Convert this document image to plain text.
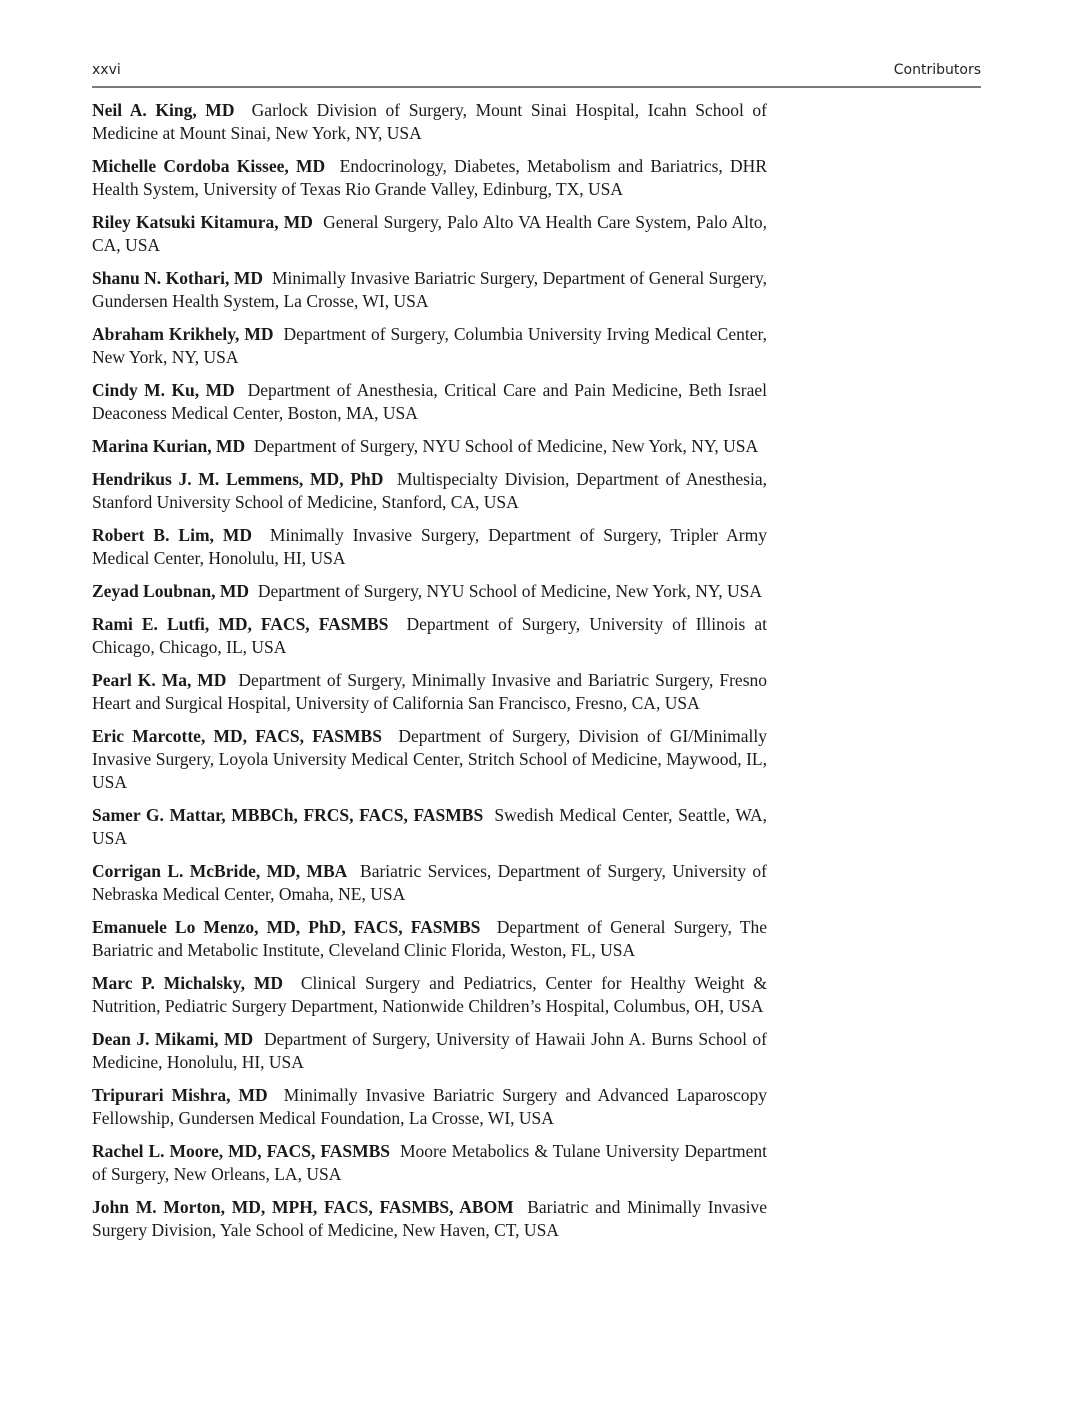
xxvi	Contributors

Neil A. King, MD Garlock Division of Surgery, Mount Sinai Hospital, Icahn School of Medicine at Mount Sinai, New York, NY, USA

Michelle Cordoba Kissee, MD Endocrinology, Diabetes, Metabolism and Bariatrics, DHR Health System, University of Texas Rio Grande Valley, Edinburg, TX, USA

Riley Katsuki Kitamura, MD General Surgery, Palo Alto VA Health Care System, Palo Alto, CA, USA

Shanu N. Kothari, MD Minimally Invasive Bariatric Surgery, Department of General Surgery, Gundersen Health System, La Crosse, WI, USA

Abraham Krikhely, MD Department of Surgery, Columbia University Irving Medical Center, New York, NY, USA

Cindy M. Ku, MD Department of Anesthesia, Critical Care and Pain Medicine, Beth Israel Deaconess Medical Center, Boston, MA, USA

Marina Kurian, MD Department of Surgery, NYU School of Medicine, New York, NY, USA

Hendrikus J. M. Lemmens, MD, PhD Multispecialty Division, Department of Anesthesia, Stanford University School of Medicine, Stanford, CA, USA

Robert B. Lim, MD Minimally Invasive Surgery, Department of Surgery, Tripler Army Medical Center, Honolulu, HI, USA

Zeyad Loubnan, MD Department of Surgery, NYU School of Medicine, New York, NY, USA

Rami E. Lutfi, MD, FACS, FASMBS Department of Surgery, University of Illinois at Chicago, Chicago, IL, USA

Pearl K. Ma, MD Department of Surgery, Minimally Invasive and Bariatric Surgery, Fresno Heart and Surgical Hospital, University of California San Francisco, Fresno, CA, USA

Eric Marcotte, MD, FACS, FASMBS Department of Surgery, Division of GI/Minimally Invasive Surgery, Loyola University Medical Center, Stritch School of Medicine, Maywood, IL, USA

Samer G. Mattar, MBBCh, FRCS, FACS, FASMBS Swedish Medical Center, Seattle, WA, USA

Corrigan L. McBride, MD, MBA Bariatric Services, Department of Surgery, University of Nebraska Medical Center, Omaha, NE, USA

Emanuele Lo Menzo, MD, PhD, FACS, FASMBS Department of General Surgery, The Bariatric and Metabolic Institute, Cleveland Clinic Florida, Weston, FL, USA

Marc P. Michalsky, MD Clinical Surgery and Pediatrics, Center for Healthy Weight & Nutrition, Pediatric Surgery Department, Nationwide Children’s Hospital, Columbus, OH, USA

Dean J. Mikami, MD Department of Surgery, University of Hawaii John A. Burns School of Medicine, Honolulu, HI, USA

Tripurari Mishra, MD Minimally Invasive Bariatric Surgery and Advanced Laparoscopy Fellowship, Gundersen Medical Foundation, La Crosse, WI, USA

Rachel L. Moore, MD, FACS, FASMBS Moore Metabolics & Tulane University Department of Surgery, New Orleans, LA, USA

John M. Morton, MD, MPH, FACS, FASMBS, ABOM Bariatric and Minimally Invasive Surgery Division, Yale School of Medicine, New Haven, CT, USA
